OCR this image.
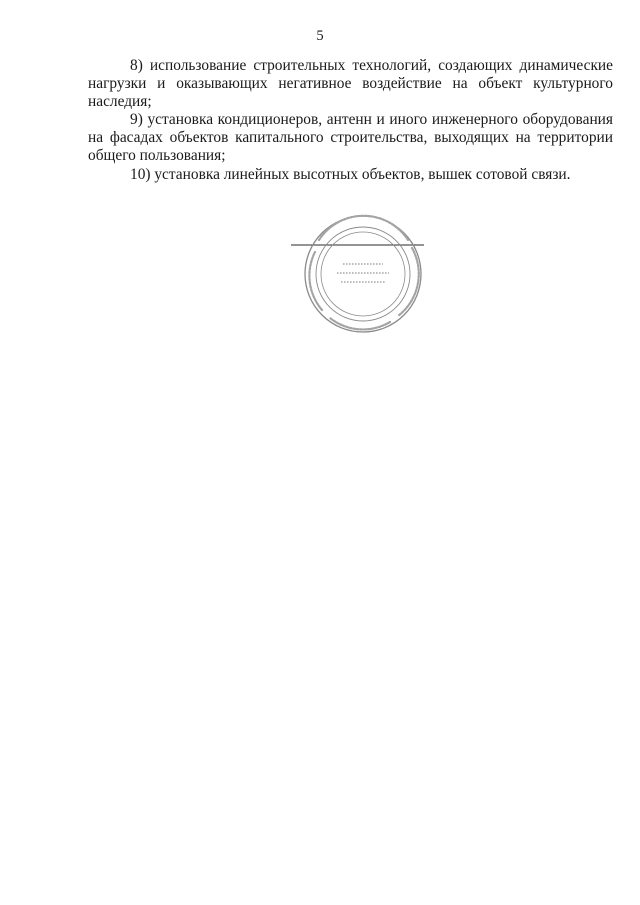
5

8) использование строительных технологий, создающих динамические нагрузки и оказывающих негативное воздействие на объект культурного наследия;

9) установка кондиционеров, антенн и иного инженерного оборудования на фасадах объектов капитального строительства, выходящих на территории общего пользования;

10) установка линейных высотных объектов, вышек сотовой связи.
